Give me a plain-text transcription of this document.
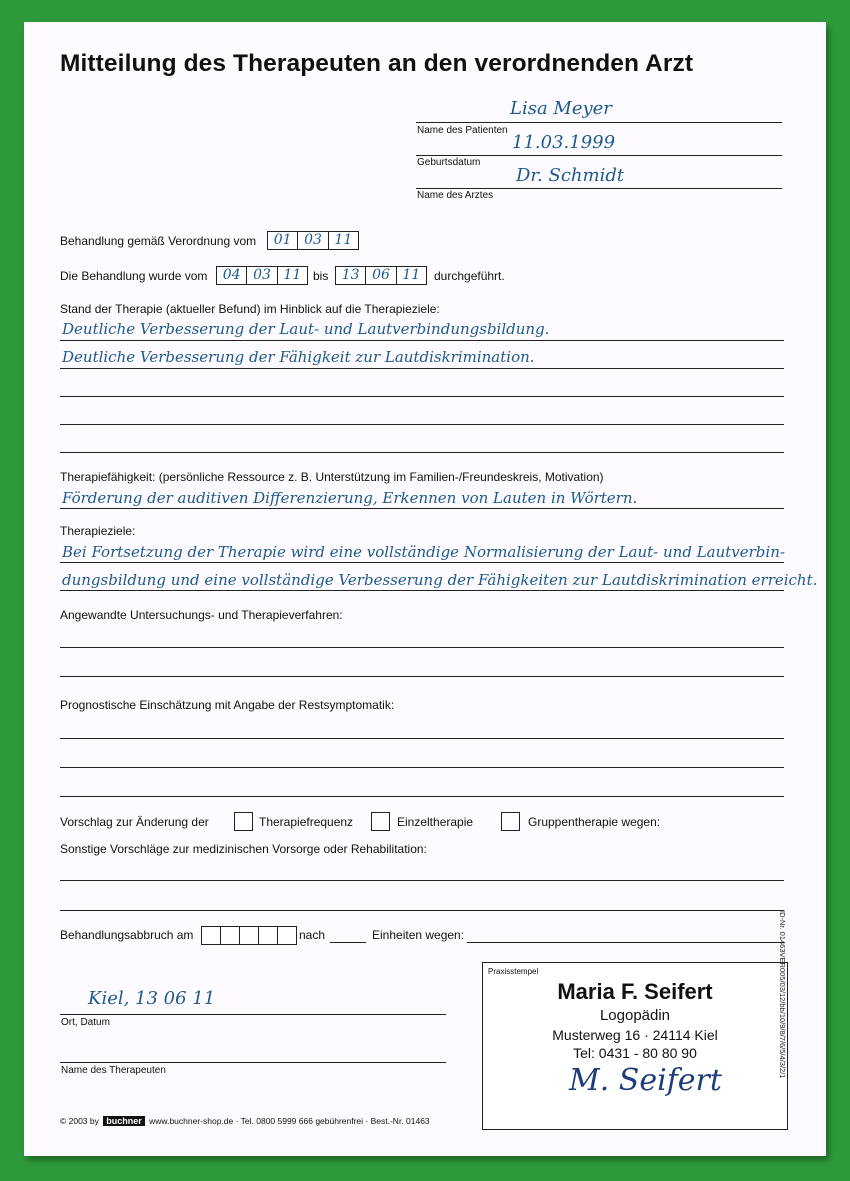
Mitteilung des Therapeuten an den verordnenden Arzt
Lisa Meyer
Name des Patienten
11.03.1999
Geburtsdatum
Dr. Schmidt
Name des Arztes
Behandlung gemäß Verordnung vom	01 03 11
Die Behandlung wurde vom	04 03 11 bis 13 06 11	durchgeführt.
Stand der Therapie (aktueller Befund) im Hinblick auf die Therapieziele:
Deutliche Verbesserung der Laut- und Lautverbindungsbildung.
Deutliche Verbesserung der Fähigkeit zur Lautdiskrimination.
Therapiefähigkeit: (persönliche Ressource z. B. Unterstützung im Familien-/Freundeskreis, Motivation)
Förderung der auditiven Differenzierung, Erkennen von Lauten in Wörtern.
Therapieziele:
Bei Fortsetzung der Therapie wird eine vollständige Normalisierung der Laut- und Lautverbin-
dungsbildung und eine vollständige Verbesserung der Fähigkeiten zur Lautdiskrimination erreicht.
Angewandte Untersuchungs- und Therapieverfahren:
Prognostische Einschätzung mit Angabe der Restsymptomatik:
Vorschlag zur Änderung der	Therapiefrequenz	Einzeltherapie	Gruppentherapie wegen:
Sonstige Vorschläge zur medizinischen Vorsorge oder Rehabilitation:
Behandlungsabbruch am	nach	Einheiten wegen:
Kiel, 13 06 11
Ort, Datum
Name des Therapeuten
Praxisstempel
Maria F. Seifert
Logopädin
Musterweg 16 · 24114 Kiel
Tel: 0431 - 80 80 90
M. Seifert
ID-Nr. 01463VER005/03/12/bb/10/9/8/7/6/5/4/3/2/1
© 2003 by buchner www.buchner-shop.de · Tel. 0800 5999 666 gebührenfrei · Best.-Nr. 01463
